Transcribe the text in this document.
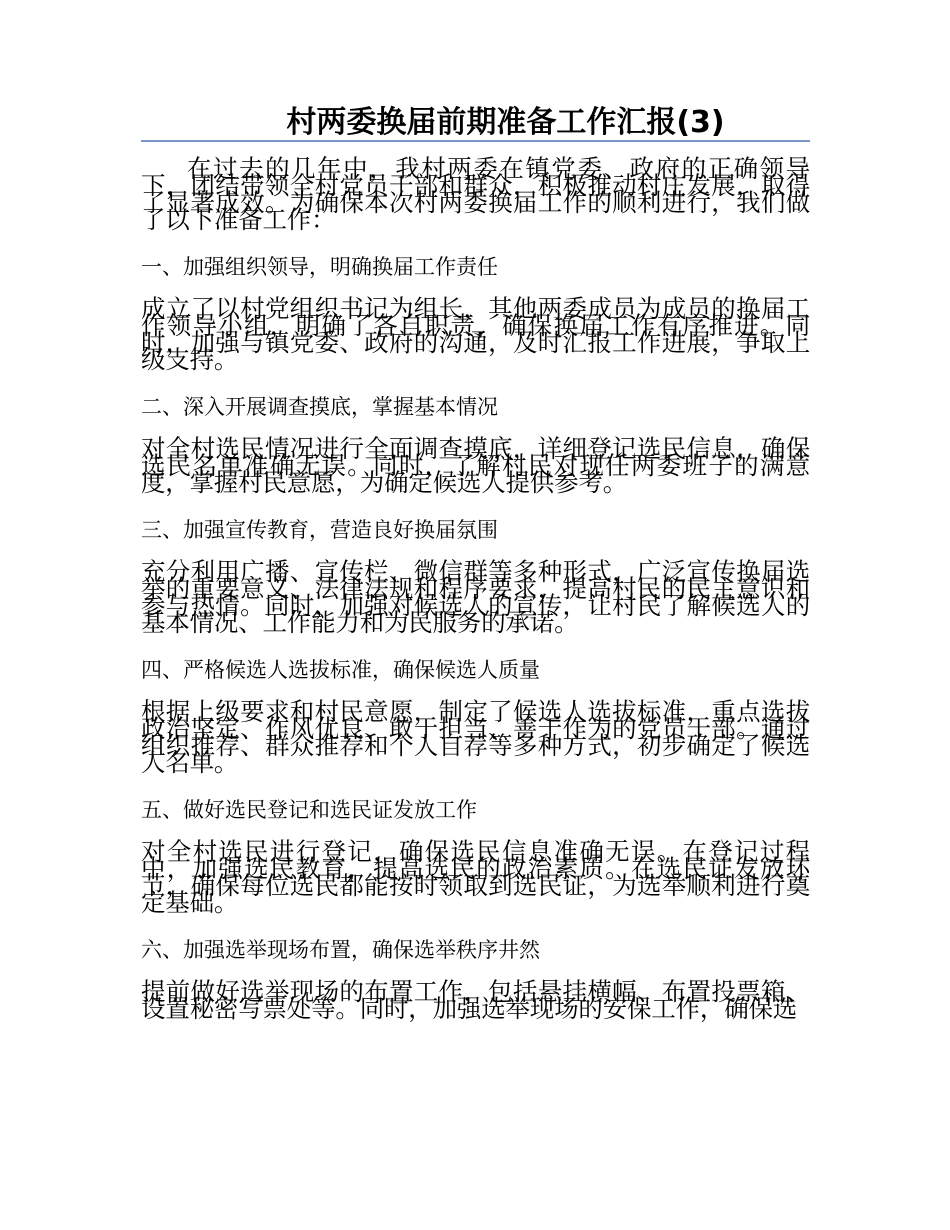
村两委换届前期准备工作汇报(3)

在过去的几年中，我村两委在镇党委、政府的正确领导下，团结带领全村党员干部和群众，积极推动村庄发展，取得了显著成效。为确保本次村两委换届工作的顺利进行，我们做了以下准备工作：

一、加强组织领导，明确换届工作责任

成立了以村党组织书记为组长，其他两委成员为成员的换届工作领导小组，明确了各自职责，确保换届工作有序推进。同时，加强与镇党委、政府的沟通，及时汇报工作进展，争取上级支持。

二、深入开展调查摸底，掌握基本情况

对全村选民情况进行全面调查摸底，详细登记选民信息，确保选民名单准确无误。同时，了解村民对现任两委班子的满意度，掌握村民意愿，为确定候选人提供参考。

三、加强宣传教育，营造良好换届氛围

充分利用广播、宣传栏、微信群等多种形式，广泛宣传换届选举的重要意义、法律法规和程序要求，提高村民的民主意识和参与热情。同时，加强对候选人的宣传，让村民了解候选人的基本情况、工作能力和为民服务的承诺。

四、严格候选人选拔标准，确保候选人质量

根据上级要求和村民意愿，制定了候选人选拔标准，重点选拔政治坚定、作风优良、敢于担当、善于作为的党员干部。通过组织推荐、群众推荐和个人自荐等多种方式，初步确定了候选人名单。

五、做好选民登记和选民证发放工作

对全村选民进行登记，确保选民信息准确无误。在登记过程中，加强选民教育，提高选民的政治素质。在选民证发放环节，确保每位选民都能按时领取到选民证，为选举顺利进行奠定基础。

六、加强选举现场布置，确保选举秩序井然

提前做好选举现场的布置工作，包括悬挂横幅、布置投票箱、设置秘密写票处等。同时，加强选举现场的安保工作，确保选
